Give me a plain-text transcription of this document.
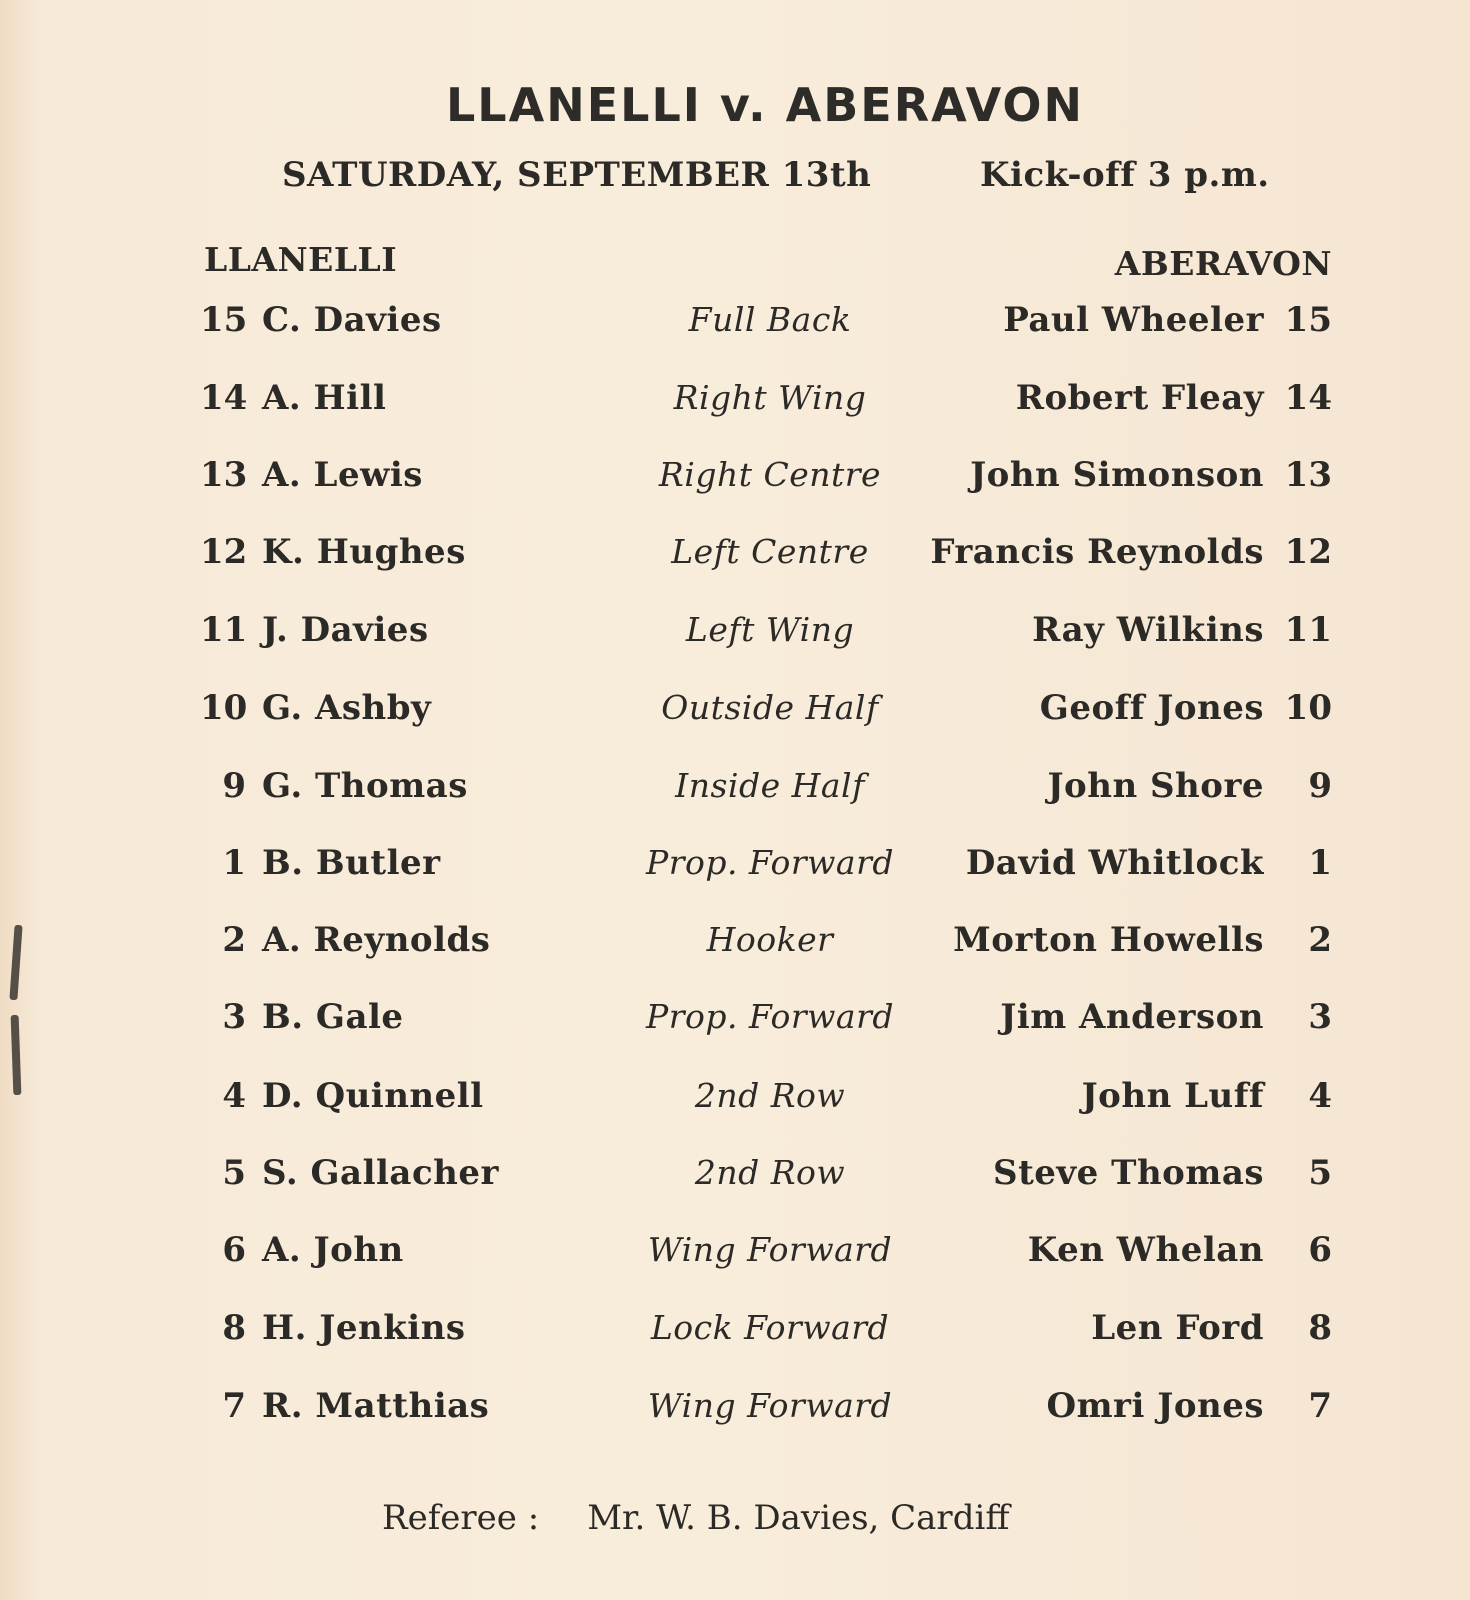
LLANELLI v. ABERAVON
SATURDAY, SEPTEMBER 13th	Kick-off 3 p.m.
LLANELLI	ABERAVON
15 C. Davies	Full Back	Paul Wheeler 15
14 A. Hill	Right Wing	Robert Fleay 14
13 A. Lewis	Right Centre	John Simonson 13
12 K. Hughes	Left Centre	Francis Reynolds 12
11 J. Davies	Left Wing	Ray Wilkins 11
10 G. Ashby	Outside Half	Geoff Jones 10
9 G. Thomas	Inside Half	John Shore	9
1 B. Butler	Prop. Forward	David Whitlock	1
2 A. Reynolds	Hooker	Morton Howells	2
3 B. Gale	Prop. Forward	Jim Anderson	3
4 D. Quinnell	2nd Row	John Luff	4
5 S. Gallacher	2nd Row	Steve Thomas	5
6 A. John	Wing Forward	Ken Whelan	6
8 H. Jenkins	Lock Forward	Len Ford	8
7 R. Matthias	Wing Forward	Omri Jones	7
Referee : Mr. W. B. Davies, Cardiff
